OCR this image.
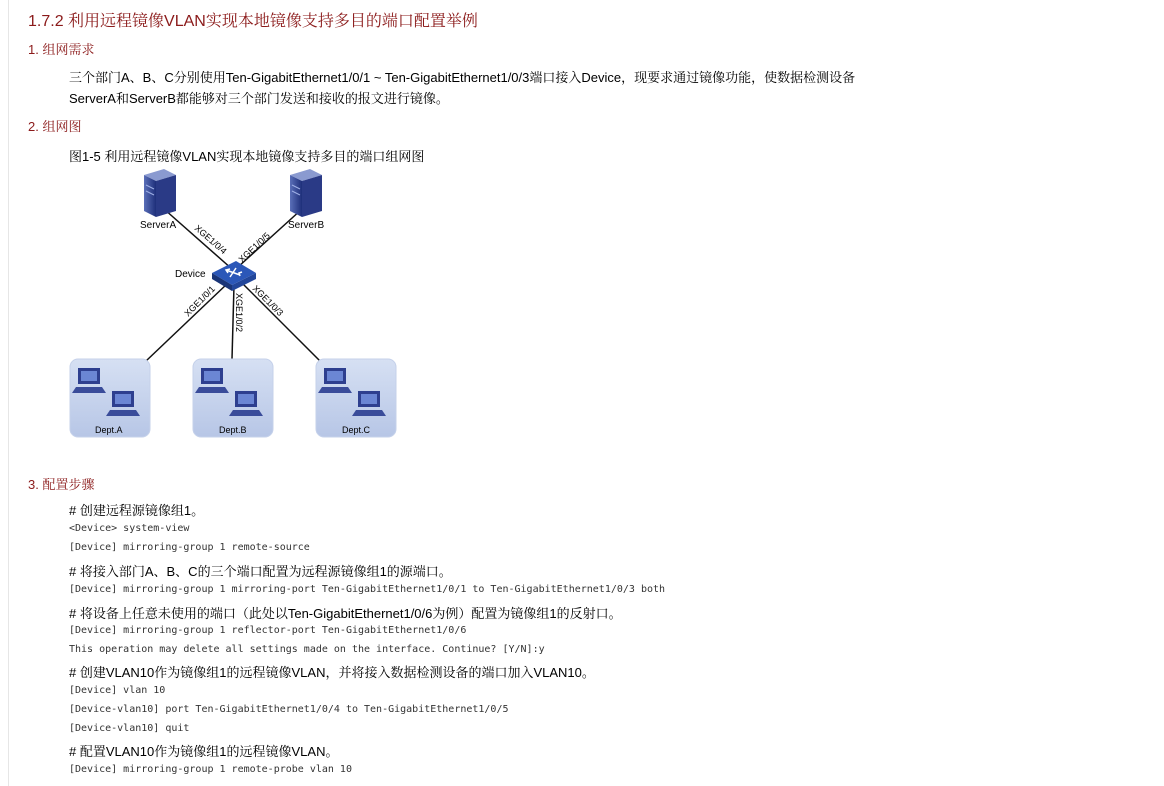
1.7.2 利用远程镜像VLAN实现本地镜像支持多目的端口配置举例
1. 组网需求
三个部门A、B、C分别使用Ten-GigabitEthernet1/0/1 ~ Ten-GigabitEthernet1/0/3端口接入Device，现要求通过镜像功能，使数据检测设备
ServerA和ServerB都能够对三个部门发送和接收的报文进行镜像。
2. 组网图
图1-5 利用远程镜像VLAN实现本地镜像支持多目的端口组网图
ServerA	ServerB
Device
XGE1/0/4 XGE1/0/5
XGE1/0/1 XGE1/0/2 XGE1/0/3
Dept.A	Dept.B	Dept.C
3. 配置步骤
# 创建远程源镜像组1。
<Device> system-view
[Device] mirroring-group 1 remote-source
# 将接入部门A、B、C的三个端口配置为远程源镜像组1的源端口。
[Device] mirroring-group 1 mirroring-port Ten-GigabitEthernet1/0/1 to Ten-GigabitEthernet1/0/3 both
# 将设备上任意未使用的端口（此处以Ten-GigabitEthernet1/0/6为例）配置为镜像组1的反射口。
[Device] mirroring-group 1 reflector-port Ten-GigabitEthernet1/0/6
This operation may delete all settings made on the interface. Continue? [Y/N]:y
# 创建VLAN10作为镜像组1的远程镜像VLAN，并将接入数据检测设备的端口加入VLAN10。
[Device] vlan 10
[Device-vlan10] port Ten-GigabitEthernet1/0/4 to Ten-GigabitEthernet1/0/5
[Device-vlan10] quit
# 配置VLAN10作为镜像组1的远程镜像VLAN。
[Device] mirroring-group 1 remote-probe vlan 10
